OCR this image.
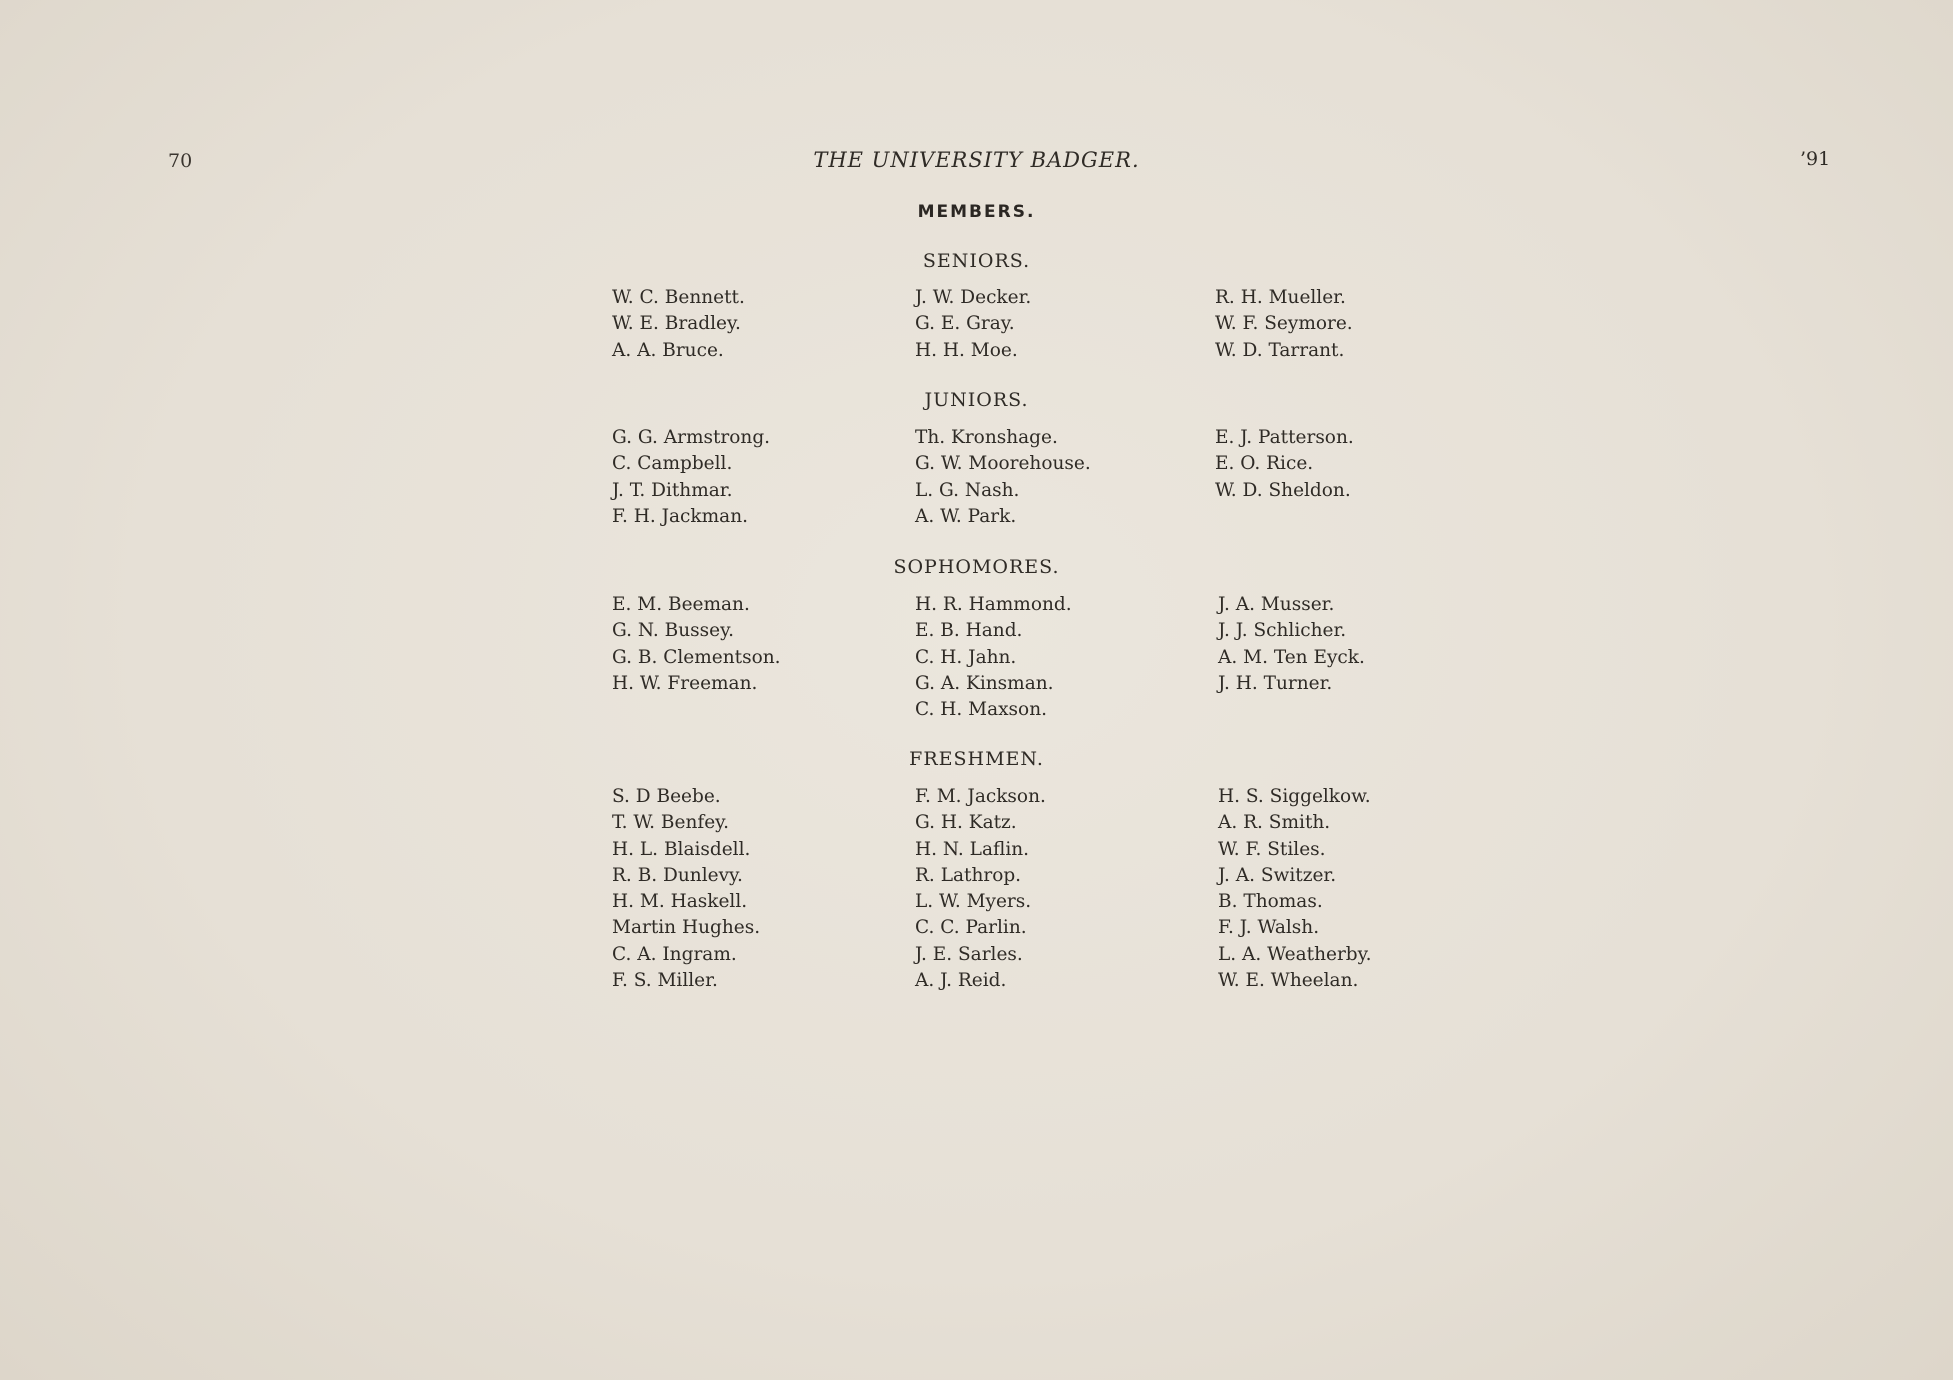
70	THE UNIVERSITY BADGER.	’91
MEMBERS.
SENIORS.
W. C. Bennett.
W. E. Bradley.
A. A. Bruce.
J. W. Decker.
G. E. Gray.
H. H. Moe.
R. H. Mueller.
W. F. Seymore.
W. D. Tarrant.
JUNIORS.
G. G. Armstrong.
C. Campbell.
J. T. Dithmar.
F. H. Jackman.
Th. Kronshage.
G. W. Moorehouse.
L. G. Nash.
A. W. Park.
E. J. Patterson.
E. O. Rice.
W. D. Sheldon.
SOPHOMORES.
E. M. Beeman.
G. N. Bussey.
G. B. Clementson.
H. W. Freeman.
H. R. Hammond.
E. B. Hand.
C. H. Jahn.
G. A. Kinsman.
C. H. Maxson.
J. A. Musser.
J. J. Schlicher.
A. M. Ten Eyck.
J. H. Turner.
FRESHMEN.
S. D Beebe.
T. W. Benfey.
H. L. Blaisdell.
R. B. Dunlevy.
H. M. Haskell.
Martin Hughes.
C. A. Ingram.
F. S. Miller.
F. M. Jackson.
G. H. Katz.
H. N. Laflin.
R. Lathrop.
L. W. Myers.
C. C. Parlin.
J. E. Sarles.
A. J. Reid.
H. S. Siggelkow.
A. R. Smith.
W. F. Stiles.
J. A. Switzer.
B. Thomas.
F. J. Walsh.
L. A. Weatherby.
W. E. Wheelan.
